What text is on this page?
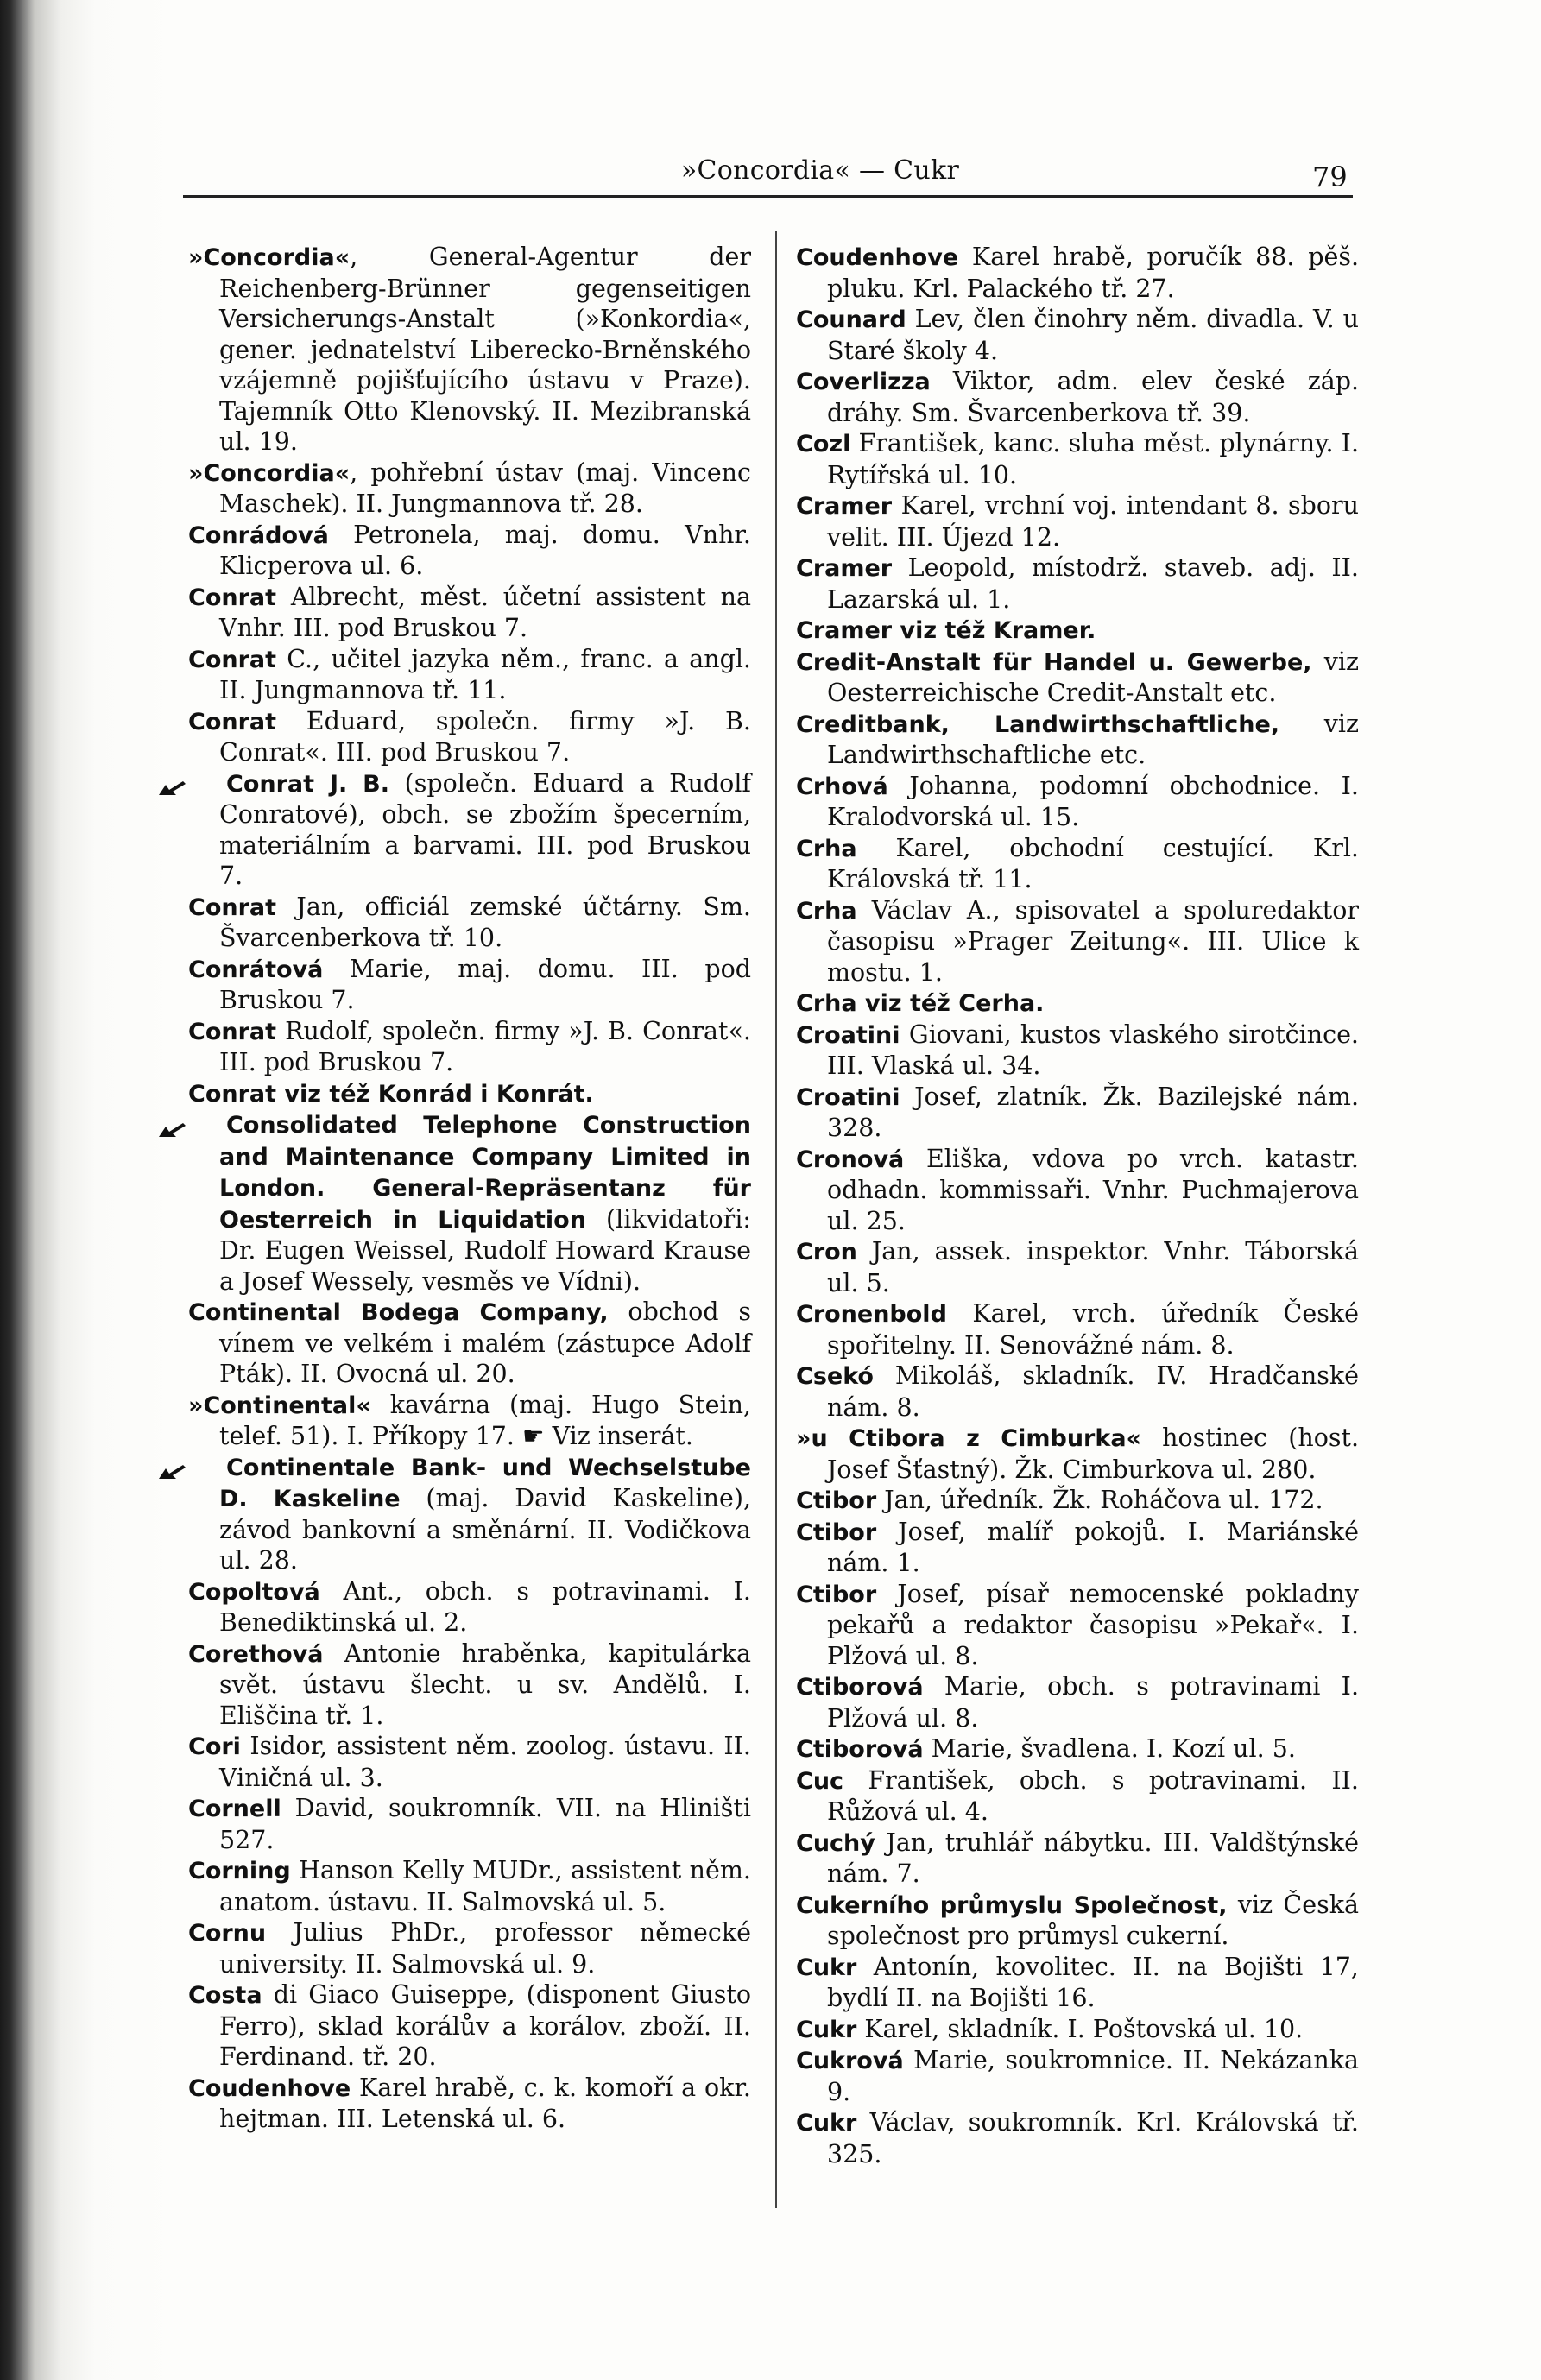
»Concordia« — Cukr	79

»Concordia«, General-Agentur der Reichenberg-Brünner gegenseitigen Versicherungs-Anstalt (»Konkordia«, gener. jednatelství Liberecko-Brněnského vzájemně pojišťujícího ústavu v Praze). Tajemník Otto Klenovský. II. Mezibranská ul. 19.

»Concordia«, pohřební ústav (maj. Vincenc Maschek). II. Jungmannova tř. 28.

Conrádová Petronela, maj. domu. Vnhr. Klicperova ul. 6.

Conrat Albrecht, měst. účetní assistent na Vnhr. III. pod Bruskou 7.

Conrat C., učitel jazyka něm., franc. a angl. II. Jungmannova tř. 11.

Conrat Eduard, společn. firmy »J. B. Conrat«. III. pod Bruskou 7.

Conrat J. B. (společn. Eduard a Rudolf Conratové), obch. se zbožím špecerním, materiálním a barvami. III. pod Bruskou 7.

Conrat Jan, officiál zemské účtárny. Sm. Švarcenberkova tř. 10.

Conrátová Marie, maj. domu. III. pod Bruskou 7.

Conrat Rudolf, společn. firmy »J. B. Conrat«. III. pod Bruskou 7.

Conrat viz též Konrád i Konrát.

Consolidated Telephone Construction and Maintenance Company Limited in London. General-Repräsentanz für Oesterreich in Liquidation (likvidatoři: Dr. Eugen Weissel, Rudolf Howard Krause a Josef Wessely, vesměs ve Vídni).

Continental Bodega Company, obchod s vínem ve velkém i malém (zástupce Adolf Pták). II. Ovocná ul. 20.

»Continental« kavárna (maj. Hugo Stein, telef. 51). I. Příkopy 17. ☛ Viz inserát.

Continentale Bank- und Wechselstube D. Kaskeline (maj. David Kaskeline), závod bankovní a směnární. II. Vodičkova ul. 28.

Copoltová Ant., obch. s potravinami. I. Benediktinská ul. 2.

Corethová Antonie hraběnka, kapitulárka svět. ústavu šlecht. u sv. Andělů. I. Eliščina tř. 1.

Cori Isidor, assistent něm. zoolog. ústavu. II. Viničná ul. 3.

Cornell David, soukromník. VII. na Hliništi 527.

Corning Hanson Kelly MUDr., assistent něm. anatom. ústavu. II. Salmovská ul. 5.

Cornu Julius PhDr., professor německé university. II. Salmovská ul. 9.

Costa di Giaco Guiseppe, (disponent Giusto Ferro), sklad korálův a korálov. zboží. II. Ferdinand. tř. 20.

Coudenhove Karel hrabě, c. k. komoří a okr. hejtman. III. Letenská ul. 6.

Coudenhove Karel hrabě, poručík 88. pěš. pluku. Krl. Palackého tř. 27.

Counard Lev, člen činohry něm. divadla. V. u Staré školy 4.

Coverlizza Viktor, adm. elev české záp. dráhy. Sm. Švarcenberkova tř. 39.

Cozl František, kanc. sluha měst. plynárny. I. Rytířská ul. 10.

Cramer Karel, vrchní voj. intendant 8. sboru velit. III. Újezd 12.

Cramer Leopold, místodrž. staveb. adj. II. Lazarská ul. 1.

Cramer viz též Kramer.

Credit-Anstalt für Handel u. Gewerbe, viz Oesterreichische Credit-Anstalt etc.

Creditbank, Landwirthschaftliche, viz Landwirthschaftliche etc.

Crhová Johanna, podomní obchodnice. I. Kralodvorská ul. 15.

Crha Karel, obchodní cestující. Krl. Královská tř. 11.

Crha Václav A., spisovatel a spoluredaktor časopisu »Prager Zeitung«. III. Ulice k mostu. 1.

Crha viz též Cerha.

Croatini Giovani, kustos vlaského sirotčince. III. Vlaská ul. 34.

Croatini Josef, zlatník. Žk. Bazilejské nám. 328.

Cronová Eliška, vdova po vrch. katastr. odhadn. kommissaři. Vnhr. Puchmajerova ul. 25.

Cron Jan, assek. inspektor. Vnhr. Táborská ul. 5.

Cronenbold Karel, vrch. úředník České spořitelny. II. Senovážné nám. 8.

Csekó Mikoláš, skladník. IV. Hradčanské nám. 8.

»u Ctibora z Cimburka« hostinec (host. Josef Šťastný). Žk. Cimburkova ul. 280.

Ctibor Jan, úředník. Žk. Roháčova ul. 172.

Ctibor Josef, malíř pokojů. I. Mariánské nám. 1.

Ctibor Josef, písař nemocenské pokladny pekařů a redaktor časopisu »Pekař«. I. Plžová ul. 8.

Ctiborová Marie, obch. s potravinami I. Plžová ul. 8.

Ctiborová Marie, švadlena. I. Kozí ul. 5.

Cuc František, obch. s potravinami. II. Růžová ul. 4.

Cuchý Jan, truhlář nábytku. III. Valdštýnské nám. 7.

Cukerního průmyslu Společnost, viz Česká společnost pro průmysl cukerní.

Cukr Antonín, kovolitec. II. na Bojišti 17, bydlí II. na Bojišti 16.

Cukr Karel, skladník. I. Poštovská ul. 10.

Cukrová Marie, soukromnice. II. Nekázanka 9.

Cukr Václav, soukromník. Krl. Královská tř. 325.
